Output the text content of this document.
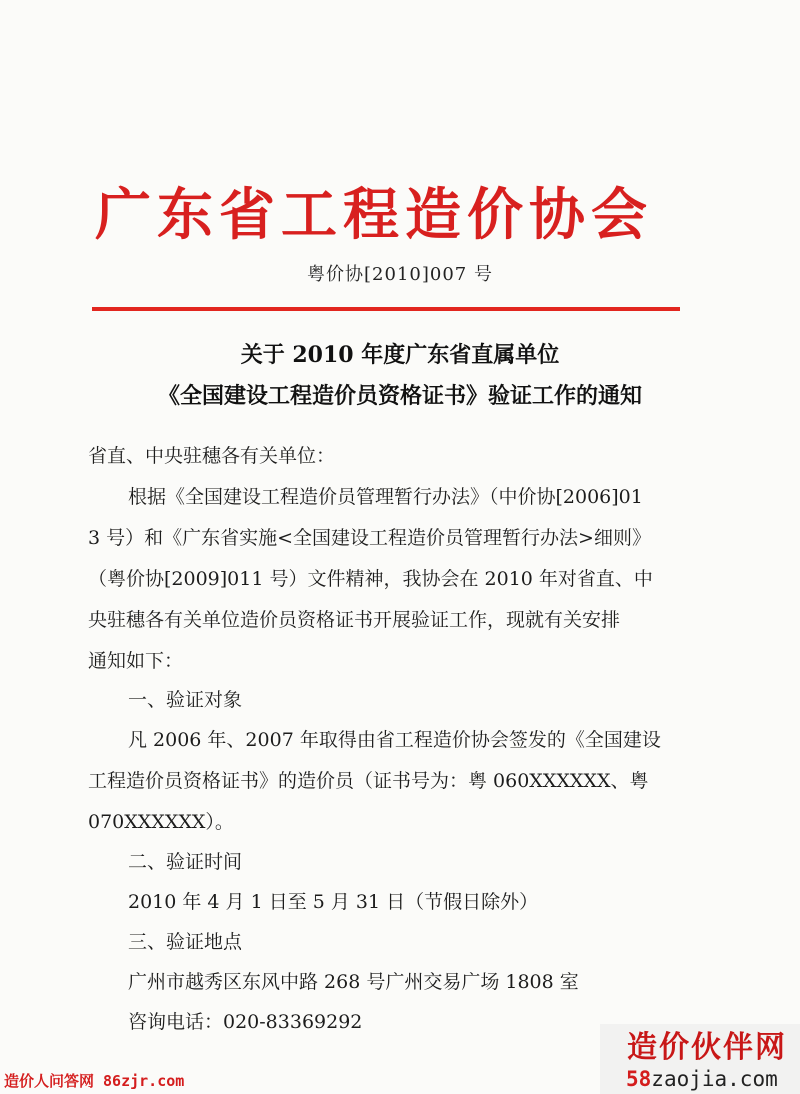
广东省工程造价协会
粤价协[2010]007 号
关于 2010 年度广东省直属单位
《全国建设工程造价员资格证书》验证工作的通知
省直、中央驻穗各有关单位：
根据《全国建设工程造价员管理暂行办法》（中价协[2006]01
3 号）和《广东省实施<全国建设工程造价员管理暂行办法>细则》
（粤价协[2009]011 号）文件精神，我协会在 2010 年对省直、中
央驻穗各有关单位造价员资格证书开展验证工作，现就有关安排
通知如下：
一、验证对象
凡 2006 年、2007 年取得由省工程造价协会签发的《全国建设
工程造价员资格证书》的造价员（证书号为：粤 060XXXXXX、粤
070XXXXXX）。
二、验证时间
2010 年 4 月 1 日至 5 月 31 日（节假日除外）
三、验证地点
广州市越秀区东风中路 268 号广州交易广场 1808 室
咨询电话：020-83369292
造价人问答网 86zjr.com
造价伙伴网
58zaojia.com
